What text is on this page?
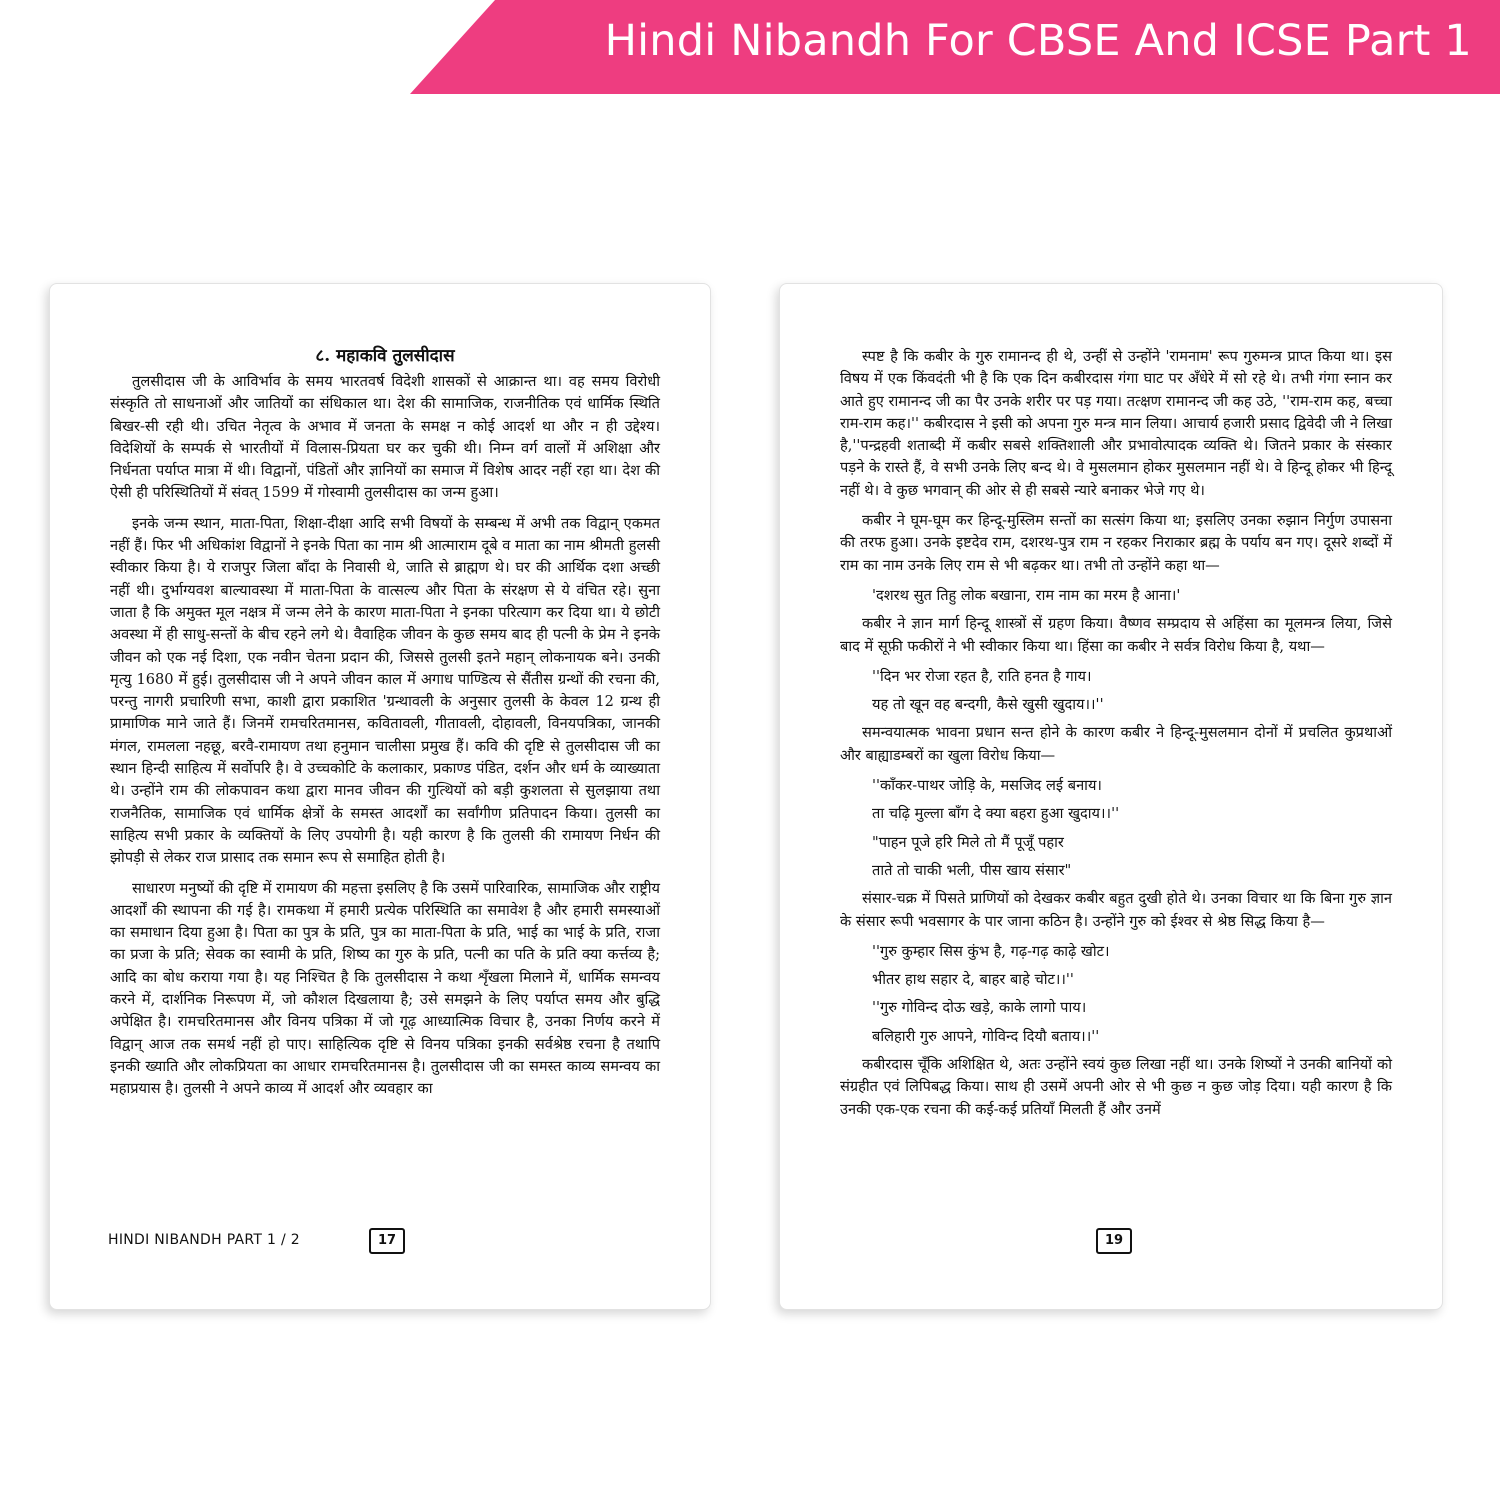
Hindi Nibandh For CBSE And ICSE Part 1
८. महाकवि तुलसीदास

तुलसीदास जी के आविर्भाव के समय भारतवर्ष विदेशी शासकों से आक्रान्त था। वह समय विरोधी संस्कृति तो साधनाओं और जातियों का संधिकाल था। देश की सामाजिक, राजनीतिक एवं धार्मिक स्थिति बिखर-सी रही थी। उचित नेतृत्व के अभाव में जनता के समक्ष न कोई आदर्श था और न ही उद्देश्य। विदेशियों के सम्पर्क से भारतीयों में विलास-प्रियता घर कर चुकी थी। निम्न वर्ग वालों में अशिक्षा और निर्धनता पर्याप्त मात्रा में थी। विद्वानों, पंडितों और ज्ञानियों का समाज में विशेष आदर नहीं रहा था। देश की ऐसी ही परिस्थितियों में संवत् 1599 में गोस्वामी तुलसीदास का जन्म हुआ।

इनके जन्म स्थान, माता-पिता, शिक्षा-दीक्षा आदि सभी विषयों के सम्बन्ध में अभी तक विद्वान् एकमत नहीं हैं। फिर भी अधिकांश विद्वानों ने इनके पिता का नाम श्री आत्माराम दूबे व माता का नाम श्रीमती हुलसी स्वीकार किया है। ये राजपुर जिला बाँदा के निवासी थे, जाति से ब्राह्मण थे। घर की आर्थिक दशा अच्छी नहीं थी। दुर्भाग्यवश बाल्यावस्था में माता-पिता के वात्सल्य और पिता के संरक्षण से ये वंचित रहे। सुना जाता है कि अमुक्त मूल नक्षत्र में जन्म लेने के कारण माता-पिता ने इनका परित्याग कर दिया था। ये छोटी अवस्था में ही साधु-सन्तों के बीच रहने लगे थे। वैवाहिक जीवन के कुछ समय बाद ही पत्नी के प्रेम ने इनके जीवन को एक नई दिशा, एक नवीन चेतना प्रदान की, जिससे तुलसी इतने महान् लोकनायक बने। उनकी मृत्यु 1680 में हुई। तुलसीदास जी ने अपने जीवन काल में अगाध पाण्डित्य से सैंतीस ग्रन्थों की रचना की, परन्तु नागरी प्रचारिणी सभा, काशी द्वारा प्रकाशित 'ग्रन्थावली के अनुसार तुलसी के केवल 12 ग्रन्थ ही प्रामाणिक माने जाते हैं। जिनमें रामचरितमानस, कवितावली, गीतावली, दोहावली, विनयपत्रिका, जानकी मंगल, रामलला नहछू, बरवै-रामायण तथा हनुमान चालीसा प्रमुख हैं। कवि की दृष्टि से तुलसीदास जी का स्थान हिन्दी साहित्य में सर्वोपरि है। वे उच्चकोटि के कलाकार, प्रकाण्ड पंडित, दर्शन और धर्म के व्याख्याता थे। उन्होंने राम की लोकपावन कथा द्वारा मानव जीवन की गुत्थियों को बड़ी कुशलता से सुलझाया तथा राजनैतिक, सामाजिक एवं धार्मिक क्षेत्रों के समस्त आदर्शों का सर्वांगीण प्रतिपादन किया। तुलसी का साहित्य सभी प्रकार के व्यक्तियों के लिए उपयोगी है। यही कारण है कि तुलसी की रामायण निर्धन की झोपड़ी से लेकर राज प्रासाद तक समान रूप से समाहित होती है।

साधारण मनुष्यों की दृष्टि में रामायण की महत्ता इसलिए है कि उसमें पारिवारिक, सामाजिक और राष्ट्रीय आदर्शों की स्थापना की गई है। रामकथा में हमारी प्रत्येक परिस्थिति का समावेश है और हमारी समस्याओं का समाधान दिया हुआ है। पिता का पुत्र के प्रति, पुत्र का माता-पिता के प्रति, भाई का भाई के प्रति, राजा का प्रजा के प्रति; सेवक का स्वामी के प्रति, शिष्य का गुरु के प्रति, पत्नी का पति के प्रति क्या कर्त्तव्य है; आदि का बोध कराया गया है। यह निश्चित है कि तुलसीदास ने कथा शृँखला मिलाने में, धार्मिक समन्वय करने में, दार्शनिक निरूपण में, जो कौशल दिखलाया है; उसे समझने के लिए पर्याप्त समय और बुद्धि अपेक्षित है। रामचरितमानस और विनय पत्रिका में जो गूढ़ आध्यात्मिक विचार है, उनका निर्णय करने में विद्वान् आज तक समर्थ नहीं हो पाए। साहित्यिक दृष्टि से विनय पत्रिका इनकी सर्वश्रेष्ठ रचना है तथापि इनकी ख्याति और लोकप्रियता का आधार रामचरितमानस है। तुलसीदास जी का समस्त काव्य समन्वय का महाप्रयास है। तुलसी ने अपने काव्य में आदर्श और व्यवहार का

HINDI NIBANDH PART 1 / 2	17

स्पष्ट है कि कबीर के गुरु रामानन्द ही थे, उन्हीं से उन्होंने 'रामनाम' रूप गुरुमन्त्र प्राप्त किया था। इस विषय में एक किंवदंती भी है कि एक दिन कबीरदास गंगा घाट पर अँधेरे में सो रहे थे। तभी गंगा स्नान कर आते हुए रामानन्द जी का पैर उनके शरीर पर पड़ गया। तत्क्षण रामानन्द जी कह उठे, ''राम-राम कह, बच्चा राम-राम कह।'' कबीरदास ने इसी को अपना गुरु मन्त्र मान लिया। आचार्य हजारी प्रसाद द्विवेदी जी ने लिखा है,''पन्द्रहवी शताब्दी में कबीर सबसे शक्तिशाली और प्रभावोत्पादक व्यक्ति थे। जितने प्रकार के संस्कार पड़ने के रास्ते हैं, वे सभी उनके लिए बन्द थे। वे मुसलमान होकर मुसलमान नहीं थे। वे हिन्दू होकर भी हिन्दू नहीं थे। वे कुछ भगवान् की ओर से ही सबसे न्यारे बनाकर भेजे गए थे।

कबीर ने घूम-घूम कर हिन्दू-मुस्लिम सन्तों का सत्संग किया था; इसलिए उनका रुझान निर्गुण उपासना की तरफ हुआ। उनके इष्टदेव राम, दशरथ-पुत्र राम न रहकर निराकार ब्रह्म के पर्याय बन गए। दूसरे शब्दों में राम का नाम उनके लिए राम से भी बढ़कर था। तभी तो उन्होंने कहा था—

'दशरथ सुत तिहु लोक बखाना, राम नाम का मरम है आना।'

कबीर ने ज्ञान मार्ग हिन्दू शास्त्रों सें ग्रहण किया। वैष्णव सम्प्रदाय से अहिंसा का मूलमन्त्र लिया, जिसे बाद में सूफ़ी फकीरों ने भी स्वीकार किया था। हिंसा का कबीर ने सर्वत्र विरोध किया है, यथा—

''दिन भर रोजा रहत है, राति हनत है गाय।
यह तो खून वह बन्दगी, कैसे खुसी खुदाय।।''

समन्वयात्मक भावना प्रधान सन्त होने के कारण कबीर ने हिन्दू-मुसलमान दोनों में प्रचलित कुप्रथाओं और बाह्याडम्बरों का खुला विरोध किया—

''काँकर-पाथर जोड़ि के, मसजिद लई बनाय।
ता चढ़ि मुल्ला बाँग दे क्या बहरा हुआ खुदाय।।''
"पाहन पूजे हरि मिले तो मैं पूजूँ पहार
ताते तो चाकी भली, पीस खाय संसार"

संसार-चक्र में पिसते प्राणियों को देखकर कबीर बहुत दुखी होते थे। उनका विचार था कि बिना गुरु ज्ञान के संसार रूपी भवसागर के पार जाना कठिन है। उन्होंने गुरु को ईश्वर से श्रेष्ठ सिद्ध किया है—

''गुरु कुम्हार सिस कुंभ है, गढ़-गढ़ काढ़े खोट।
भीतर हाथ सहार दे, बाहर बाहे चोट।।''
''गुरु गोविन्द दोऊ खड़े, काके लागो पाय।
बलिहारी गुरु आपने, गोविन्द दियौ बताय।।''

कबीरदास चूँकि अशिक्षित थे, अतः उन्होंने स्वयं कुछ लिखा नहीं था। उनके शिष्यों ने उनकी बानियों को संग्रहीत एवं लिपिबद्ध किया। साथ ही उसमें अपनी ओर से भी कुछ न कुछ जोड़ दिया। यही कारण है कि उनकी एक-एक रचना की कई-कई प्रतियाँ मिलती हैं और उनमें

19
